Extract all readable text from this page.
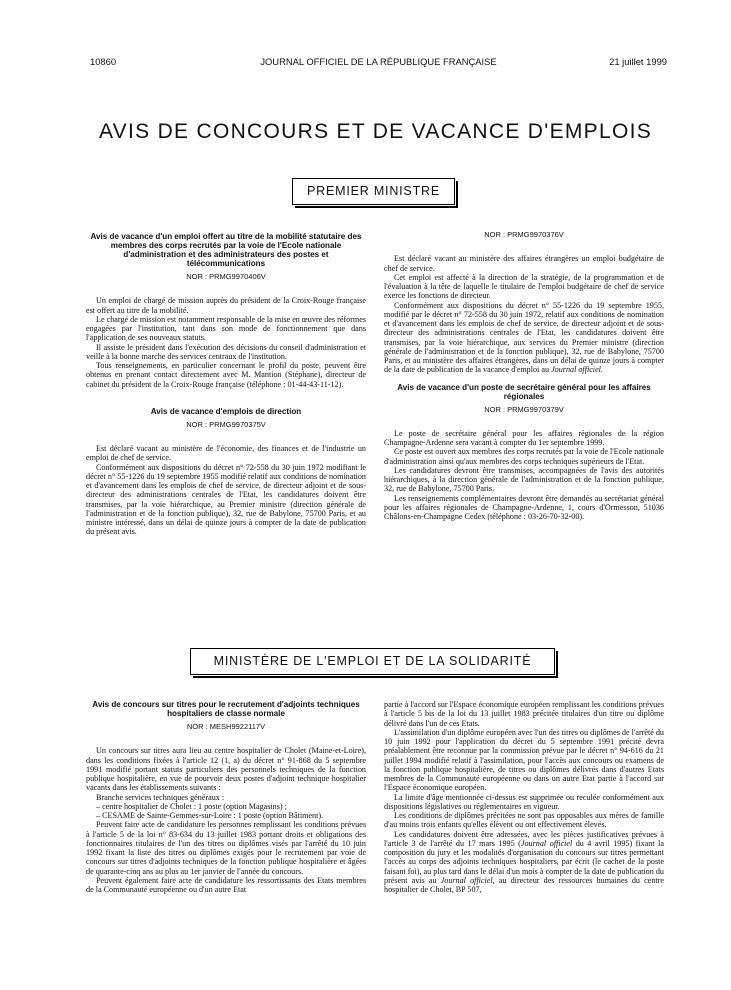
10860	JOURNAL OFFICIEL DE LA RÉPUBLIQUE FRANÇAISE	21 juillet 1999
AVIS DE CONCOURS ET DE VACANCE D'EMPLOIS
PREMIER MINISTRE
Avis de vacance d'un emploi offert au titre de la mobilité statutaire des membres des corps recrutés par la voie de l'Ecole nationale d'administration et des administrateurs des postes et télécommunications
NOR : PRMG9970406V

Un emploi de chargé de mission auprès du président de la Croix-Rouge française est offert au titre de la mobilité.

Le chargé de mission est notamment responsable de la mise en œuvre des réformes engagées par l'institution, tant dans son mode de fonctionnement que dans l'application de ses nouveaux statuts.

Il assiste le président dans l'exécution des décisions du conseil d'administration et veille à la bonne marche des services centraux de l'institution.

Tous renseignements, en particulier concernant le profil du poste, peuvent être obtenus en prenant contact directement avec M. Mantion (Stéphane), directeur de cabinet du président de la Croix-Rouge française (téléphone : 01-44-43-11-12).

Avis de vacance d'emplois de direction
NOR : PRMG9970375V

Est déclaré vacant au ministère de l'économie, des finances et de l'industrie un emploi de chef de service.

Conformément aux dispositions du décret n° 72-558 du 30 juin 1972 modifiant le décret n° 55-1226 du 19 septembre 1955 modifié relatif aux conditions de nomination et d'avancement dans les emplois de chef de service, de directeur adjoint et de sous-directeur des administrations centrales de l'Etat, les candidatures doivent être transmises, par la voie hiérarchique, au Premier ministre (direction générale de l'administration et de la fonction publique), 32, rue de Babylone, 75700 Paris, et au ministre intéressé, dans un délai de quinze jours à compter de la date de publication du présent avis.

NOR : PRMG9970376V

Est déclaré vacant au ministère des affaires étrangères un emploi budgétaire de chef de service.

Cet emploi est affecté à la direction de la stratégie, de la programmation et de l'évaluation à la tête de laquelle le titulaire de l'emploi budgétaire de chef de service exerce les fonctions de directeur.

Conformément aux dispositions du décret n° 55-1226 du 19 septembre 1955, modifié par le décret n° 72-558 du 30 juin 1972, relatif aux conditions de nomination et d'avancement dans les emplois de chef de service, de directeur adjoint et de sous-directeur des administrations centrales de l'Etat, les candidatures doivent être transmises, par la voie hiérarchique, aux services du Premier ministre (direction générale de l'administration et de la fonction publique), 32, rue de Babylone, 75700 Paris, et au ministère des affaires étrangères, dans un délai de quinze jours à compter de la date de publication de la vacance d'emploi au Journal officiel.

Avis de vacance d'un poste de secrétaire général pour les affaires régionales
NOR : PRMG9970379V

Le poste de secrétaire général pour les affaires régionales de la région Champagne-Ardenne sera vacant à compter du 1er septembre 1999.

Ce poste est ouvert aux membres des corps recrutés par la voie de l'Ecole nationale d'administration ainsi qu'aux membres des corps techniques supérieurs de l'Etat.

Les candidatures devront être transmises, accompagnées de l'avis des autorités hiérarchiques, à la direction générale de l'administration et de la fonction publique, 32, rue de Babylone, 75700 Paris.

Les renseignements complémentaires devront être demandés au secrétariat général pour les affaires régionales de Champagne-Ardenne, 1, cours d'Ormesson, 51036 Châlons-en-Champagne Cedex (téléphone : 03-26-70-32-00).

MINISTÈRE DE L'EMPLOI ET DE LA SOLIDARITÉ
Avis de concours sur titres pour le recrutement d'adjoints techniques hospitaliers de classe normale
NOR : MESH9922117V

Un concours sur titres aura lieu au centre hospitalier de Cholet (Maine-et-Loire), dans les conditions fixées à l'article 12 (1, a) du décret n° 91-868 du 5 septembre 1991 modifié portant statuts particuliers des personnels techniques de la fonction publique hospitalière, en vue de pourvoir deux postes d'adjoint technique hospitalier vacants dans les établissements suivants :

Branche services techniques généraux :

– centre hospitalier de Cholet : 1 poste (option Magasins) ;

– CESAME de Sainte-Gemmes-sur-Loire : 1 poste (option Bâtiment).

Peuvent faire acte de candidature les personnes remplissant les conditions prévues à l'article 5 de la loi n° 83-634 du 13 juillet 1983 portant droits et obligations des fonctionnaires titulaires de l'un des titres ou diplômes visés par l'arrêté du 10 juin 1992 fixant la liste des titres ou diplômes exigés pour le recrutement par voie de concours sur titres d'adjoints techniques de la fonction publique hospitalière et âgées de quarante-cinq ans au plus au 1er janvier de l'année du concours.

Peuvent également faire acte de candidature les ressortissants des Etats membres de la Communauté européenne ou d'un autre Etat

partie à l'accord sur l'Espace économique européen remplissant les conditions prévues à l'article 5 bis de la loi du 13 juillet 1983 précitée titulaires d'un titre ou diplôme délivré dans l'un de ces Etats.

L'assimilation d'un diplôme européen avec l'un des titres ou diplômes de l'arrêté du 10 juin 1992 pour l'application du décret du 5 septembre 1991 précité devra préalablement être reconnue par la commission prévue par le décret n° 94-616 du 21 juillet 1994 modifié relatif à l'assimilation, pour l'accès aux concours ou examens de la fonction publique hospitalière, de titres ou diplômes délivrés dans d'autres Etats membres de la Communauté européenne ou dans un autre Etat partie à l'accord sur l'Espace économique européen.

La limite d'âge mentionnée ci-dessus est supprimée ou reculée conformément aux dispositions législatives ou réglementaires en vigueur.

Les conditions de diplômes précitées ne sont pas opposables aux mères de famille d'au moins trois enfants qu'elles élèvent ou ont effectivement élevés.

Les candidatures doivent être adressées, avec les pièces justificatives prévues à l'article 3 de l'arrêté du 17 mars 1995 (Journal officiel du 4 avril 1995) fixant la composition du jury et les modalités d'organisation du concours sur titres permettant l'accès au corps des adjoints techniques hospitaliers, par écrit (le cachet de la poste faisant foi), au plus tard dans le délai d'un mois à compter de la date de publication du présent avis au Journal officiel, au directeur des ressources humaines du centre hospitalier de Cholet, BP 507,
